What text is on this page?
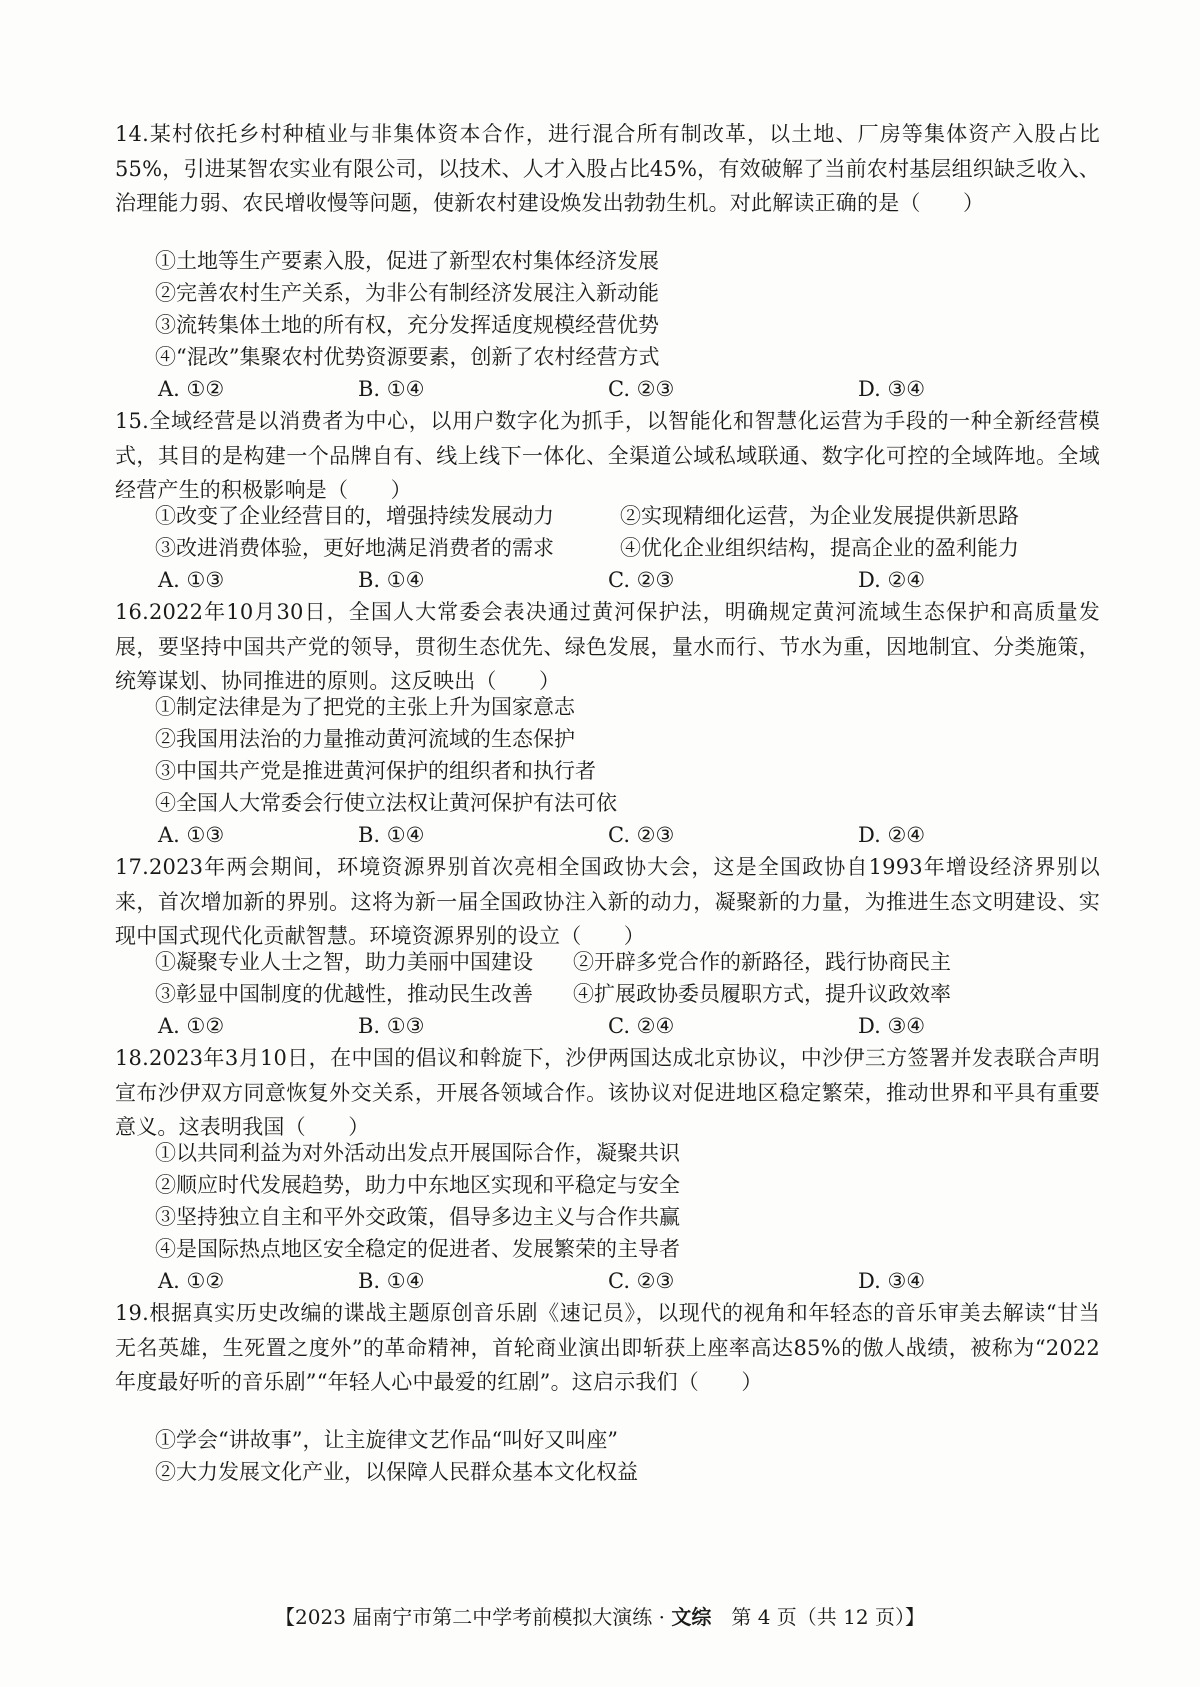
14.某村依托乡村种植业与非集体资本合作，进行混合所有制改革，以土地、厂房等集体资产入股占比55%，引进某智农实业有限公司，以技术、人才入股占比45%，有效破解了当前农村基层组织缺乏收入、治理能力弱、农民增收慢等问题，使新农村建设焕发出勃勃生机。对此解读正确的是（　　）
①土地等生产要素入股，促进了新型农村集体经济发展
②完善农村生产关系，为非公有制经济发展注入新动能
③流转集体土地的所有权，充分发挥适度规模经营优势
④“混改”集聚农村优势资源要素，创新了农村经营方式
A. ①②	B. ①④	C. ②③	D. ③④
15.全域经营是以消费者为中心，以用户数字化为抓手，以智能化和智慧化运营为手段的一种全新经营模式，其目的是构建一个品牌自有、线上线下一体化、全渠道公域私域联通、数字化可控的全域阵地。全域经营产生的积极影响是（　　）
①改变了企业经营目的，增强持续发展动力	②实现精细化运营，为企业发展提供新思路
③改进消费体验，更好地满足消费者的需求	④优化企业组织结构，提高企业的盈利能力
A. ①③	B. ①④	C. ②③	D. ②④
16.2022年10月30日，全国人大常委会表决通过黄河保护法，明确规定黄河流域生态保护和高质量发展，要坚持中国共产党的领导，贯彻生态优先、绿色发展，量水而行、节水为重，因地制宜、分类施策，统筹谋划、协同推进的原则。这反映出（　　）
①制定法律是为了把党的主张上升为国家意志
②我国用法治的力量推动黄河流域的生态保护
③中国共产党是推进黄河保护的组织者和执行者
④全国人大常委会行使立法权让黄河保护有法可依
A. ①③	B. ①④	C. ②③	D. ②④
17.2023年两会期间，环境资源界别首次亮相全国政协大会，这是全国政协自1993年增设经济界别以来，首次增加新的界别。这将为新一届全国政协注入新的动力，凝聚新的力量，为推进生态文明建设、实现中国式现代化贡献智慧。环境资源界别的设立（　　）
①凝聚专业人士之智，助力美丽中国建设 ②开辟多党合作的新路径，践行协商民主
③彰显中国制度的优越性，推动民生改善 ④扩展政协委员履职方式，提升议政效率
A. ①②	B. ①③	C. ②④	D. ③④
18.2023年3月10日，在中国的倡议和斡旋下，沙伊两国达成北京协议，中沙伊三方签署并发表联合声明宣布沙伊双方同意恢复外交关系，开展各领域合作。该协议对促进地区稳定繁荣，推动世界和平具有重要意义。这表明我国（　　）
①以共同利益为对外活动出发点开展国际合作，凝聚共识
②顺应时代发展趋势，助力中东地区实现和平稳定与安全
③坚持独立自主和平外交政策，倡导多边主义与合作共赢
④是国际热点地区安全稳定的促进者、发展繁荣的主导者
A. ①②	B. ①④	C. ②③	D. ③④
19.根据真实历史改编的谍战主题原创音乐剧《速记员》，以现代的视角和年轻态的音乐审美去解读“甘当无名英雄，生死置之度外”的革命精神，首轮商业演出即斩获上座率高达85%的傲人战绩，被称为“2022年度最好听的音乐剧”“年轻人心中最爱的红剧”。这启示我们（　　）
①学会“讲故事”，让主旋律文艺作品“叫好又叫座”
②大力发展文化产业，以保障人民群众基本文化权益
【2023 届南宁市第二中学考前模拟大演练 · 文综　第 4 页（共 12 页）】
